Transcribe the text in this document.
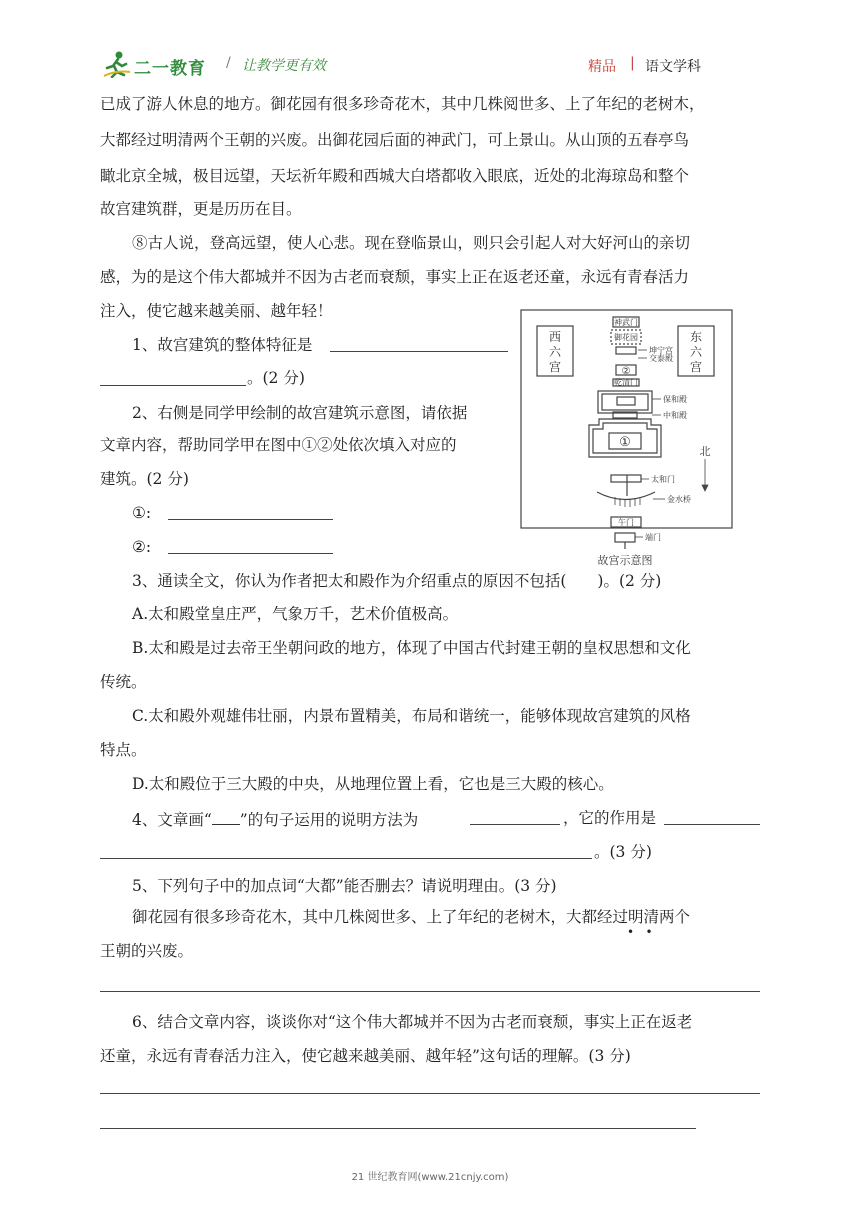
二一教育 / 让教学更有效	精品 | 语文学科
已成了游人休息的地方。御花园有很多珍奇花木，其中几株阅世多、上了年纪的老树木，
大都经过明清两个王朝的兴废。出御花园后面的神武门，可上景山。从山顶的五春亭鸟
瞰北京全城，极目远望，天坛祈年殿和西城大白塔都收入眼底，近处的北海琼岛和整个
故宫建筑群，更是历历在目。
⑧古人说，登高远望，使人心悲。现在登临景山，则只会引起人对大好河山的亲切
感，为的是这个伟大都城并不因为古老而衰颓，事实上正在返老还童，永远有青春活力
注入，使它越来越美丽、越年轻！
1、故宫建筑的整体特征是
。(2 分)
2、右侧是同学甲绘制的故宫建筑示意图，请依据
文章内容，帮助同学甲在图中①②处依次填入对应的
建筑。(2 分)
①:
②:
西
六
宫
东
六
宫
神武门
御花园
坤宁宫
交泰殿
乾清门
保和殿
中和殿
太和门
金水桥
午门
端门
②
①
北
故宫示意图
3、通读全文，你认为作者把太和殿作为介绍重点的原因不包括(　　)。(2 分)
A.太和殿堂皇庄严，气象万千，艺术价值极高。
B.太和殿是过去帝王坐朝问政的地方，体现了中国古代封建王朝的皇权思想和文化
传统。
C.太和殿外观雄伟壮丽，内景布置精美，布局和谐统一，能够体现故宫建筑的风格
特点。
D.太和殿位于三大殿的中央，从地理位置上看，它也是三大殿的核心。
4、文章画“ ”的句子运用的说明方法为	，它的作用是
。(3 分)
5、下列句子中的加点词“大都”能否删去？请说明理由。(3 分)
御花园有很多珍奇花木，其中几株阅世多、上了年纪的老树木，大都经过明清两个
•   •
王朝的兴废。
6、结合文章内容，谈谈你对“这个伟大都城并不因为古老而衰颓，事实上正在返老
还童，永远有青春活力注入，使它越来越美丽、越年轻”这句话的理解。(3 分)
21 世纪教育网(www.21cnjy.com)
